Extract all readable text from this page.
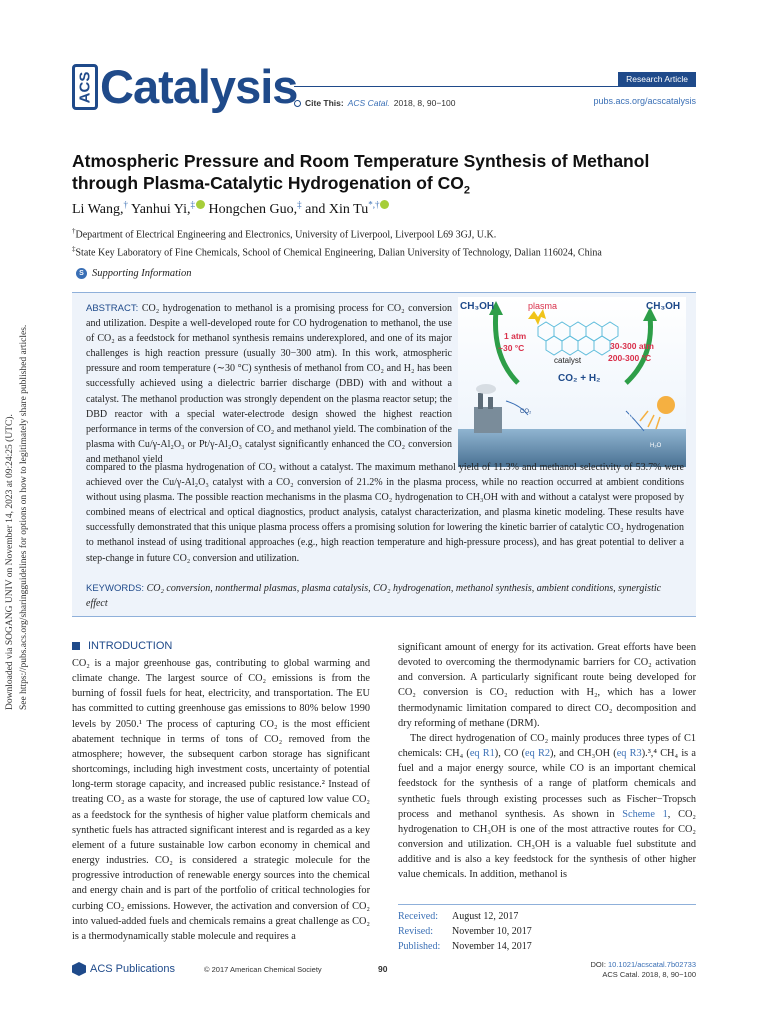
Downloaded via SOGANG UNIV on November 14, 2023 at 09:24:25 (UTC). See https://pubs.acs.org/sharingguidelines for options on how to legitimately share published articles.
ACS Catalysis	Research Article
Cite This: ACS Catal. 2018, 8, 90−100	pubs.acs.org/acscatalysis
Atmospheric Pressure and Room Temperature Synthesis of Methanol
through Plasma-Catalytic Hydrogenation of $CO_2$
Li Wang,† Yanhui Yi,‡ Hongchen Guo,‡ and Xin Tu*,†
†Department of Electrical Engineering and Electronics, University of Liverpool, Liverpool L69 3GJ, U.K.
‡State Key Laboratory of Fine Chemicals, School of Chemical Engineering, Dalian University of Technology, Dalian 116024, China
S Supporting Information
ABSTRACT: CO₂ hydrogenation to methanol is a promising process for CO₂ conversion and utilization. Despite a well-developed route for CO hydrogenation to methanol, the use of CO₂ as a feedstock for methanol synthesis remains underexplored, and one of its major challenges is high reaction pressure (usually 30−300 atm). In this work, atmospheric pressure and room temperature (∼30 °C) synthesis of methanol from CO₂ and H₂ has been successfully achieved using a dielectric barrier discharge (DBD) with and without a catalyst. The methanol production was strongly dependent on the plasma reactor setup; the DBD reactor with a special water-electrode design showed the highest reaction performance in terms of the conversion of CO₂ and methanol yield. The combination of the plasma with Cu/γ-Al₂O₃ or Pt/γ-Al₂O₃ catalyst significantly enhanced the CO₂ conversion and methanol yield
CH₃OH	plasma	CH₃OH
1 atm
~30 °C
catalyst
30-300 atm
200-300 °C
CO₂ + H₂
CO₂
H₂
H₂O
compared to the plasma hydrogenation of CO₂ without a catalyst. The maximum methanol yield of 11.3% and methanol selectivity of 53.7% were achieved over the Cu/γ-Al₂O₃ catalyst with a CO₂ conversion of 21.2% in the plasma process, while no reaction occurred at ambient conditions without using plasma. The possible reaction mechanisms in the plasma CO₂ hydrogenation to CH₃OH with and without a catalyst were proposed by combined means of electrical and optical diagnostics, product analysis, catalyst characterization, and plasma kinetic modeling. These results have successfully demonstrated that this unique plasma process offers a promising solution for lowering the kinetic barrier of catalytic CO₂ hydrogenation to methanol instead of using traditional approaches (e.g., high reaction temperature and high-pressure process), and has great potential to deliver a step-change in future CO₂ conversion and utilization.
KEYWORDS: CO₂ conversion, nonthermal plasmas, plasma catalysis, CO₂ hydrogenation, methanol synthesis, ambient conditions, synergistic effect
INTRODUCTION

CO₂ is a major greenhouse gas, contributing to global warming and climate change. The largest source of CO₂ emissions is from the burning of fossil fuels for heat, electricity, and transportation. The EU has committed to cutting greenhouse gas emissions to 80% below 1990 levels by 2050.¹ The process of capturing CO₂ is the most efficient abatement technique in terms of tons of CO₂ removed from the atmosphere; however, the subsequent carbon storage has significant shortcomings, including high investment costs, uncertainty of potential long-term storage capacity, and increased public resistance.² Instead of treating CO₂ as a waste for storage, the use of captured low value CO₂ as a feedstock for the synthesis of higher value platform chemicals and synthetic fuels has attracted significant interest and is regarded as a key element of a future sustainable low carbon economy in chemical and energy industries. CO₂ is considered a strategic molecule for the progressive introduction of renewable energy sources into the chemical and energy chain and is part of the portfolio of critical technologies for curbing CO₂ emissions. However, the activation and conversion of CO₂ into valued-added fuels and chemicals remains a great challenge as CO₂ is a thermodynamically stable molecule and requires a

significant amount of energy for its activation. Great efforts have been devoted to overcoming the thermodynamic barriers for CO₂ activation and conversion. A particularly significant route being developed for CO₂ conversion is CO₂ reduction with H₂, which has a lower thermodynamic limitation compared to direct CO₂ decomposition and dry reforming of methane (DRM).

The direct hydrogenation of CO₂ mainly produces three types of C1 chemicals: CH₄ (eq R1), CO (eq R2), and CH₃OH (eq R3).³,⁴ CH₄ is a fuel and a major energy source, while CO is an important chemical feedstock for the synthesis of a range of platform chemicals and synthetic fuels through existing processes such as Fischer−Tropsch process and methanol synthesis. As shown in Scheme 1, CO₂ hydrogenation to CH₃OH is one of the most attractive routes for CO₂ conversion and utilization. CH₃OH is a valuable fuel substitute and additive and is also a key feedstock for the synthesis of other higher value chemicals. In addition, methanol is

Received:	August 12, 2017
Revised:	November 10, 2017
Published:	November 14, 2017
ACS Publications	© 2017 American Chemical Society	90	DOI: 10.1021/acscatal.7b02733
ACS Catal. 2018, 8, 90−100
